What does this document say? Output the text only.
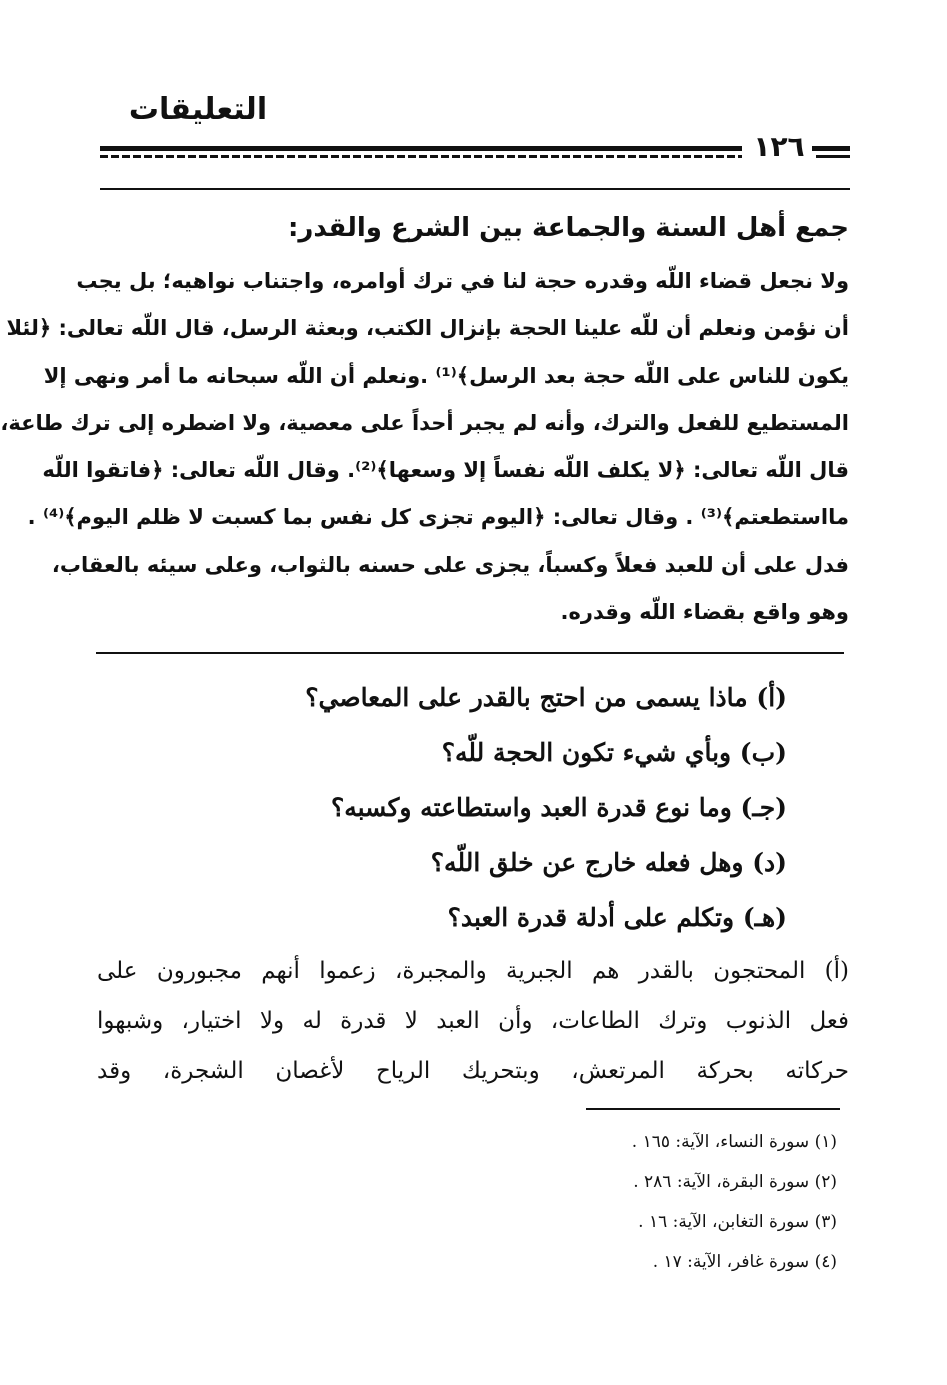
التعليقات
١٢٦
جمع أهل السنة والجماعة بين الشرع والقدر:
ولا نجعل قضاء اللّه وقدره حجة لنا في ترك أوامره، واجتناب نواهيه؛ بل يجب
أن نؤمن ونعلم أن للّه علينا الحجة بإنزال الكتب، وبعثة الرسل، قال اللّه تعالى: ﴿لئلا
يكون للناس على اللّه حجة بعد الرسل﴾⁽¹⁾ .ونعلم أن اللّه سبحانه ما أمر ونهى إلا
المستطيع للفعل والترك، وأنه لم يجبر أحداً على معصية، ولا اضطره إلى ترك طاعة،
قال اللّه تعالى: ﴿لا يكلف اللّه نفساً إلا وسعها﴾⁽²⁾. وقال اللّه تعالى: ﴿فاتقوا اللّه
مااستطعتم﴾⁽³⁾ . وقال تعالى: ﴿اليوم تجزى كل نفس بما كسبت لا ظلم اليوم﴾⁽⁴⁾ .
فدل على أن للعبد فعلاً وكسباً، يجزى على حسنه بالثواب، وعلى سيئه بالعقاب،
وهو واقع بقضاء اللّه وقدره.
(أ) ماذا يسمى من احتج بالقدر على المعاصي؟
(ب) وبأي شيء تكون الحجة للّه؟
(جـ) وما نوع قدرة العبد واستطاعته وكسبه؟
(د) وهل فعله خارج عن خلق اللّه؟
(هـ) وتكلم على أدلة قدرة العبد؟
(أ) المحتجون بالقدر هم الجبرية والمجبرة، زعموا أنهم مجبورون على
فعل الذنوب وترك الطاعات، وأن العبد لا قدرة له ولا اختيار، وشبهوا
حركاته بحركة المرتعش، وبتحريك الرياح لأغصان الشجرة، وقد
(١) سورة النساء، الآية: ١٦٥ .
(٢) سورة البقرة، الآية: ٢٨٦ .
(٣) سورة التغابن، الآية: ١٦ .
(٤) سورة غافر، الآية: ١٧ .
